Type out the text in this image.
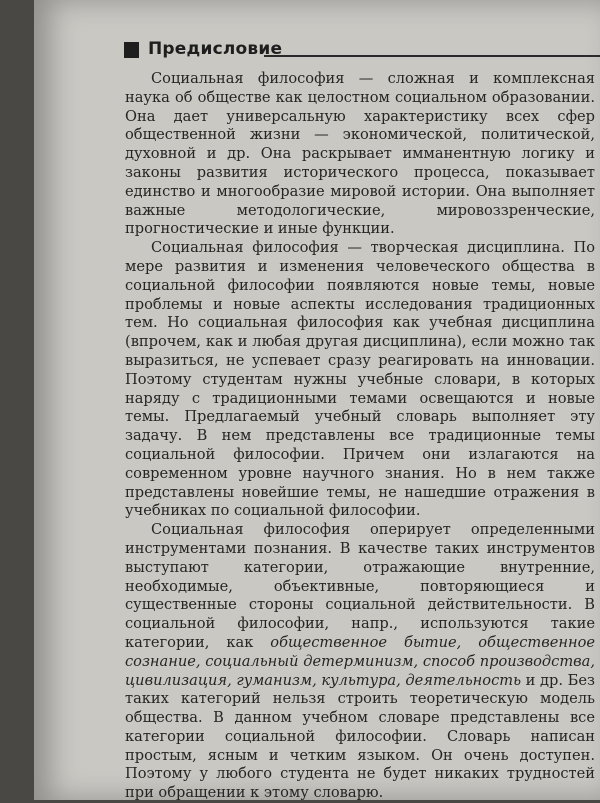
Предисловие

Социальная философия — сложная и комплексная наука об обществе как целостном социальном образовании. Она дает универсальную характеристику всех сфер общественной жизни — экономической, политической, духовной и др. Она раскрывает имманентную логику и законы развития исторического процесса, показывает единство и многообразие мировой истории. Она выполняет важные методологические, мировоззренческие, прогностические и иные функции.

Социальная философия — творческая дисциплина. По мере развития и изменения человеческого общества в социальной философии появляются новые темы, новые проблемы и новые аспекты исследования традиционных тем. Но социальная философия как учебная дисциплина (впрочем, как и любая другая дисциплина), если можно так выразиться, не успевает сразу реагировать на инновации. Поэтому студентам нужны учебные словари, в которых наряду с традиционными темами освещаются и новые темы. Предлагаемый учебный словарь выполняет эту задачу. В нем представлены все традиционные темы социальной философии. Причем они излагаются на современном уровне научного знания. Но в нем также представлены новейшие темы, не нашедшие отражения в учебниках по социальной философии.

Социальная философия оперирует определенными инструментами познания. В качестве таких инструментов выступают категории, отражающие внутренние, необходимые, объективные, повторяющиеся и существенные стороны социальной действительности. В социальной философии, напр., используются такие категории, как общественное бытие, общественное сознание, социальный детерминизм, способ производства, цивилизация, гуманизм, культура, деятельность и др. Без таких категорий нельзя строить теоретическую модель общества. В данном учебном словаре представлены все категории социальной философии. Словарь написан простым, ясным и четким языком. Он очень доступен. Поэтому у любого студента не будет никаких трудностей при обращении к этому словарю.
